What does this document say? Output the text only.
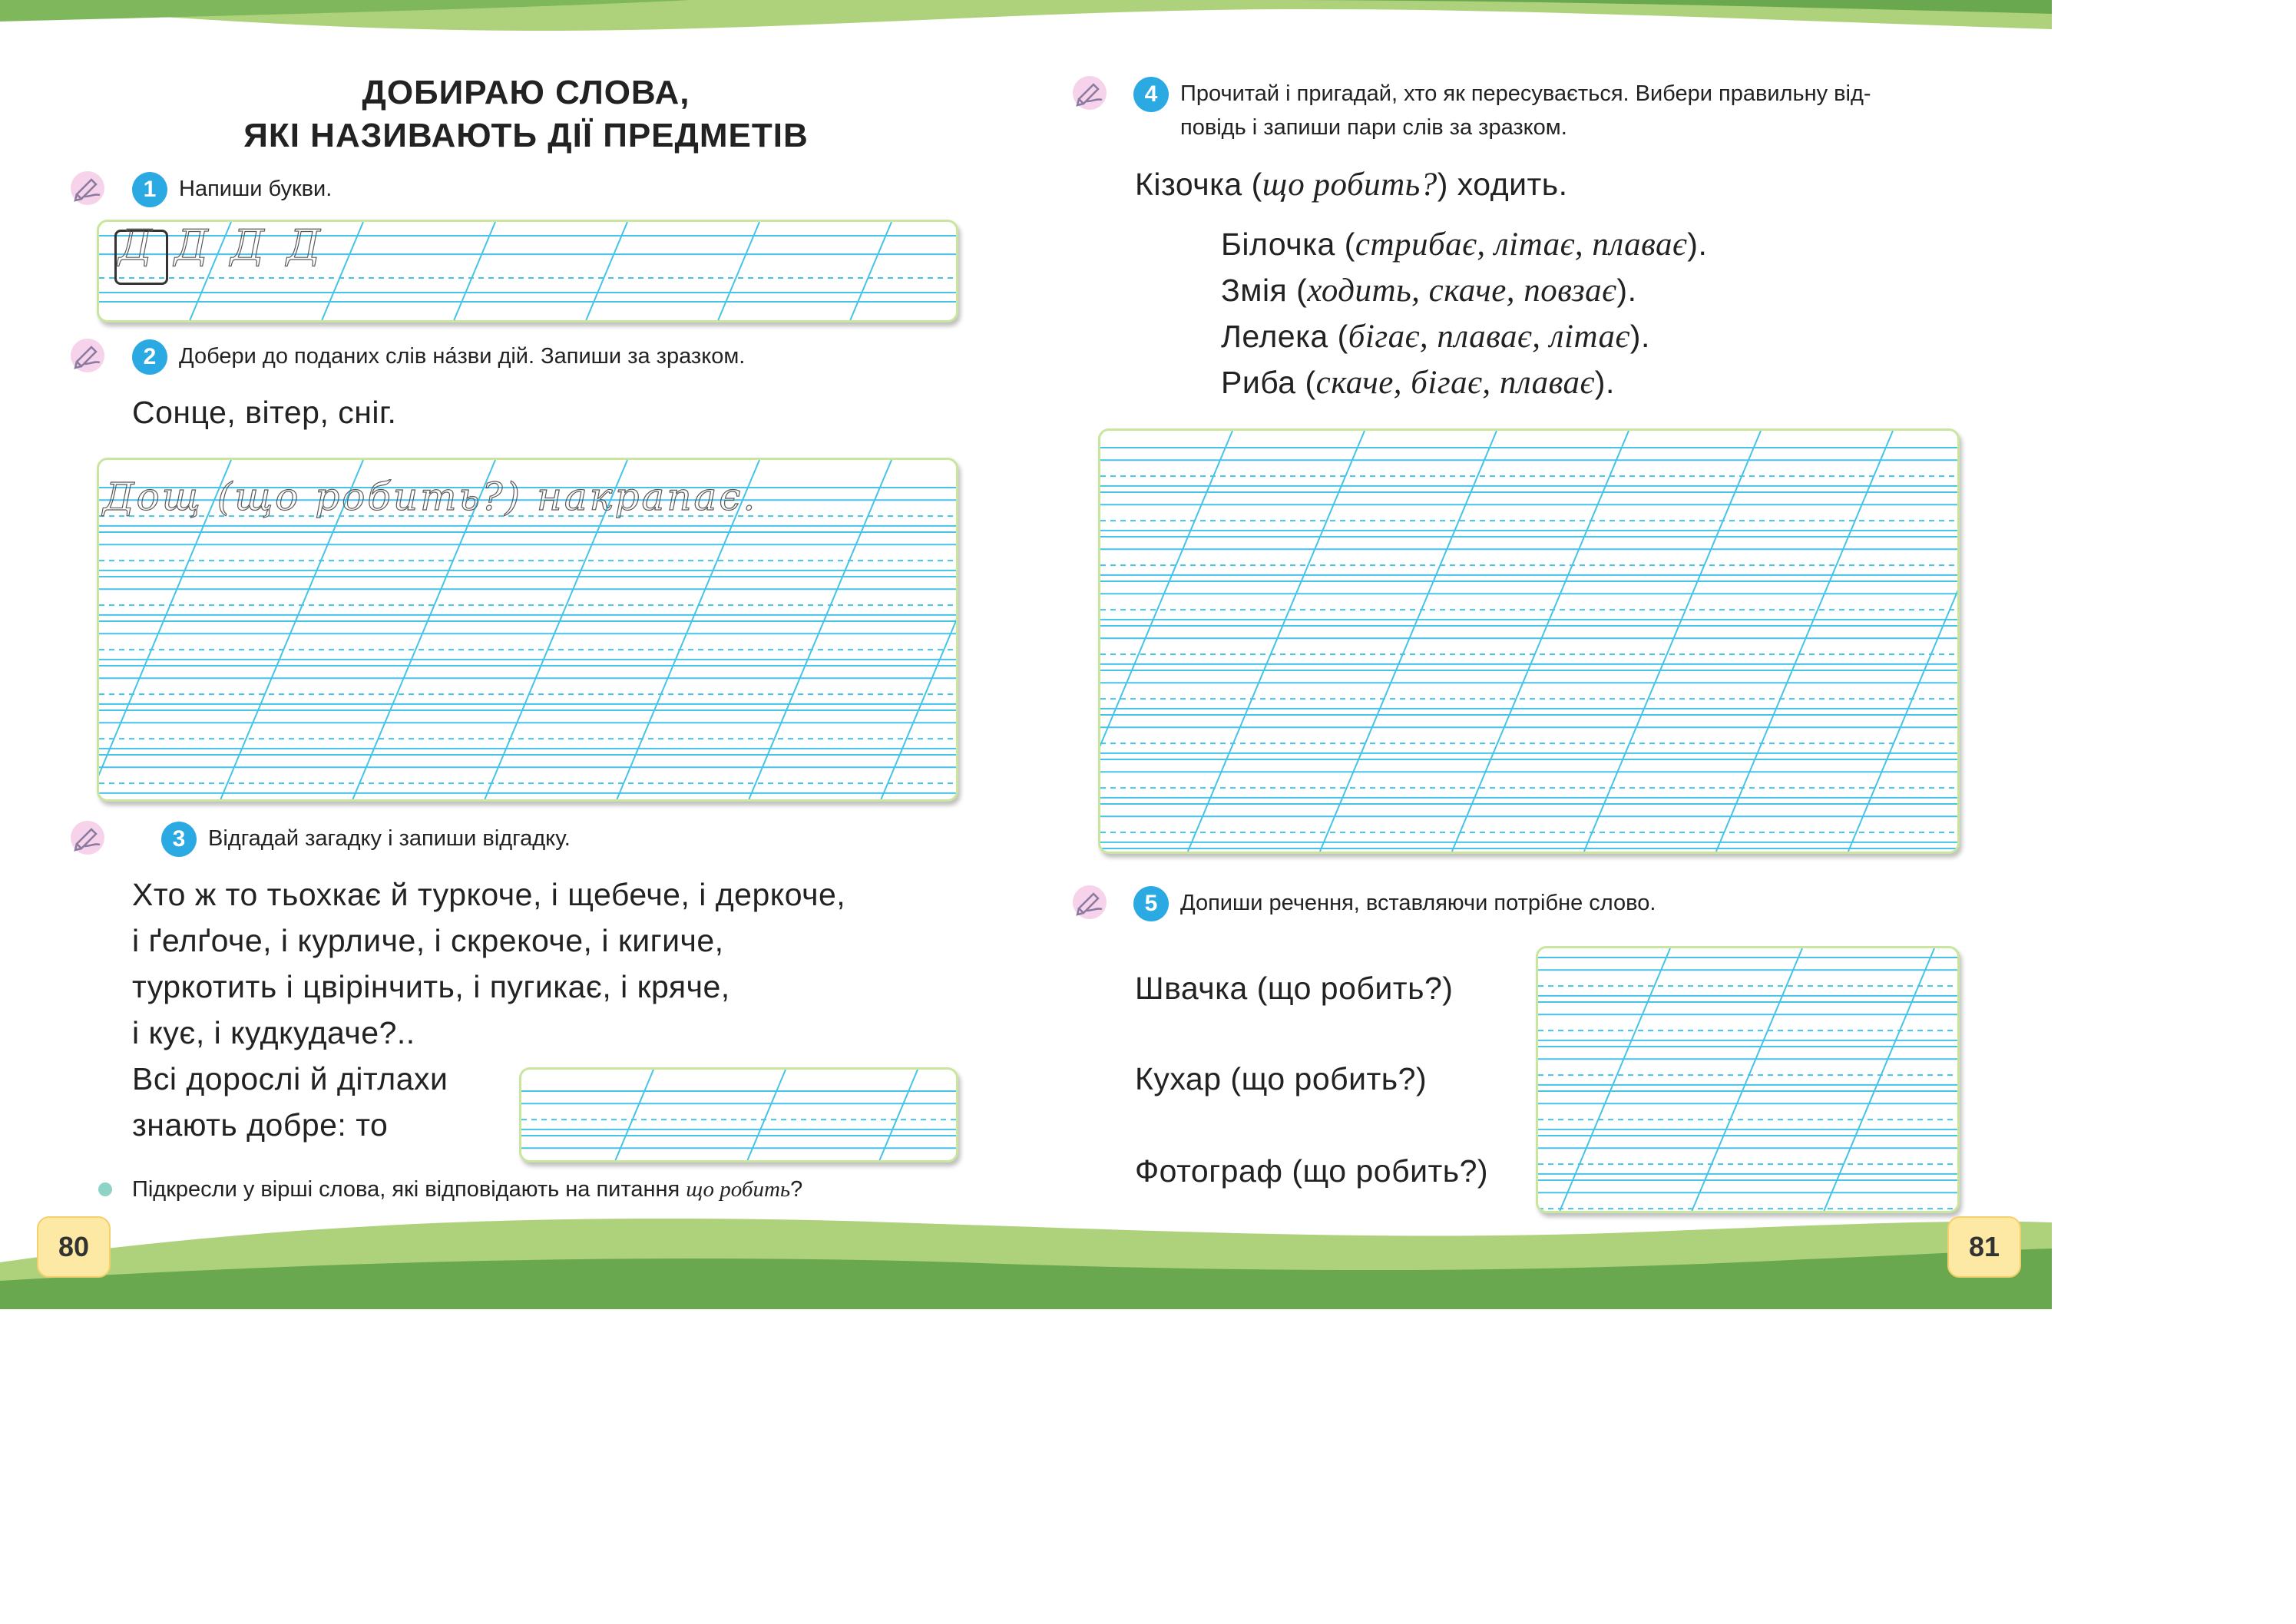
ДОБИРАЮ СЛОВА,
ЯКІ НАЗИВАЮТЬ ДІЇ ПРЕДМЕТІВ
1	Напиши букви.

Д Д Д Д

2	Добери до поданих слів на́зви дій. Запиши за зразком.

Сонце, вітер, сніг.

Дощ (що робить?) накрапає.

3	Відгадай загадку і запиши відгадку.

Хто ж то тьохкає й туркоче, і щебече, і деркоче,

і ґелґоче, і курличе, і скрекоче, і кигиче,

туркотить і цвірінчить, і пугикає, і кряче,

і кує, і кудкудаче?..

Всі дорослі й дітлахи

знають добре: то

Підкресли у вірші слова, які відповідають на питання що робить?

4	Прочитай і пригадай, хто як пересувається. Вибери правильну від-

повідь і запиши пари слів за зразком.

Кізочка (що робить?) ходить.

Білочка (стрибає, літає, плаває).

Змія (ходить, скаче, повзає).

Лелека (бігає, плаває, літає).

Риба (скаче, бігає, плаває).

5	Допиши речення, вставляючи потрібне слово.

Швачка (що робить?)

Кухар (що робить?)

Фотограф (що робить?)

80	81
